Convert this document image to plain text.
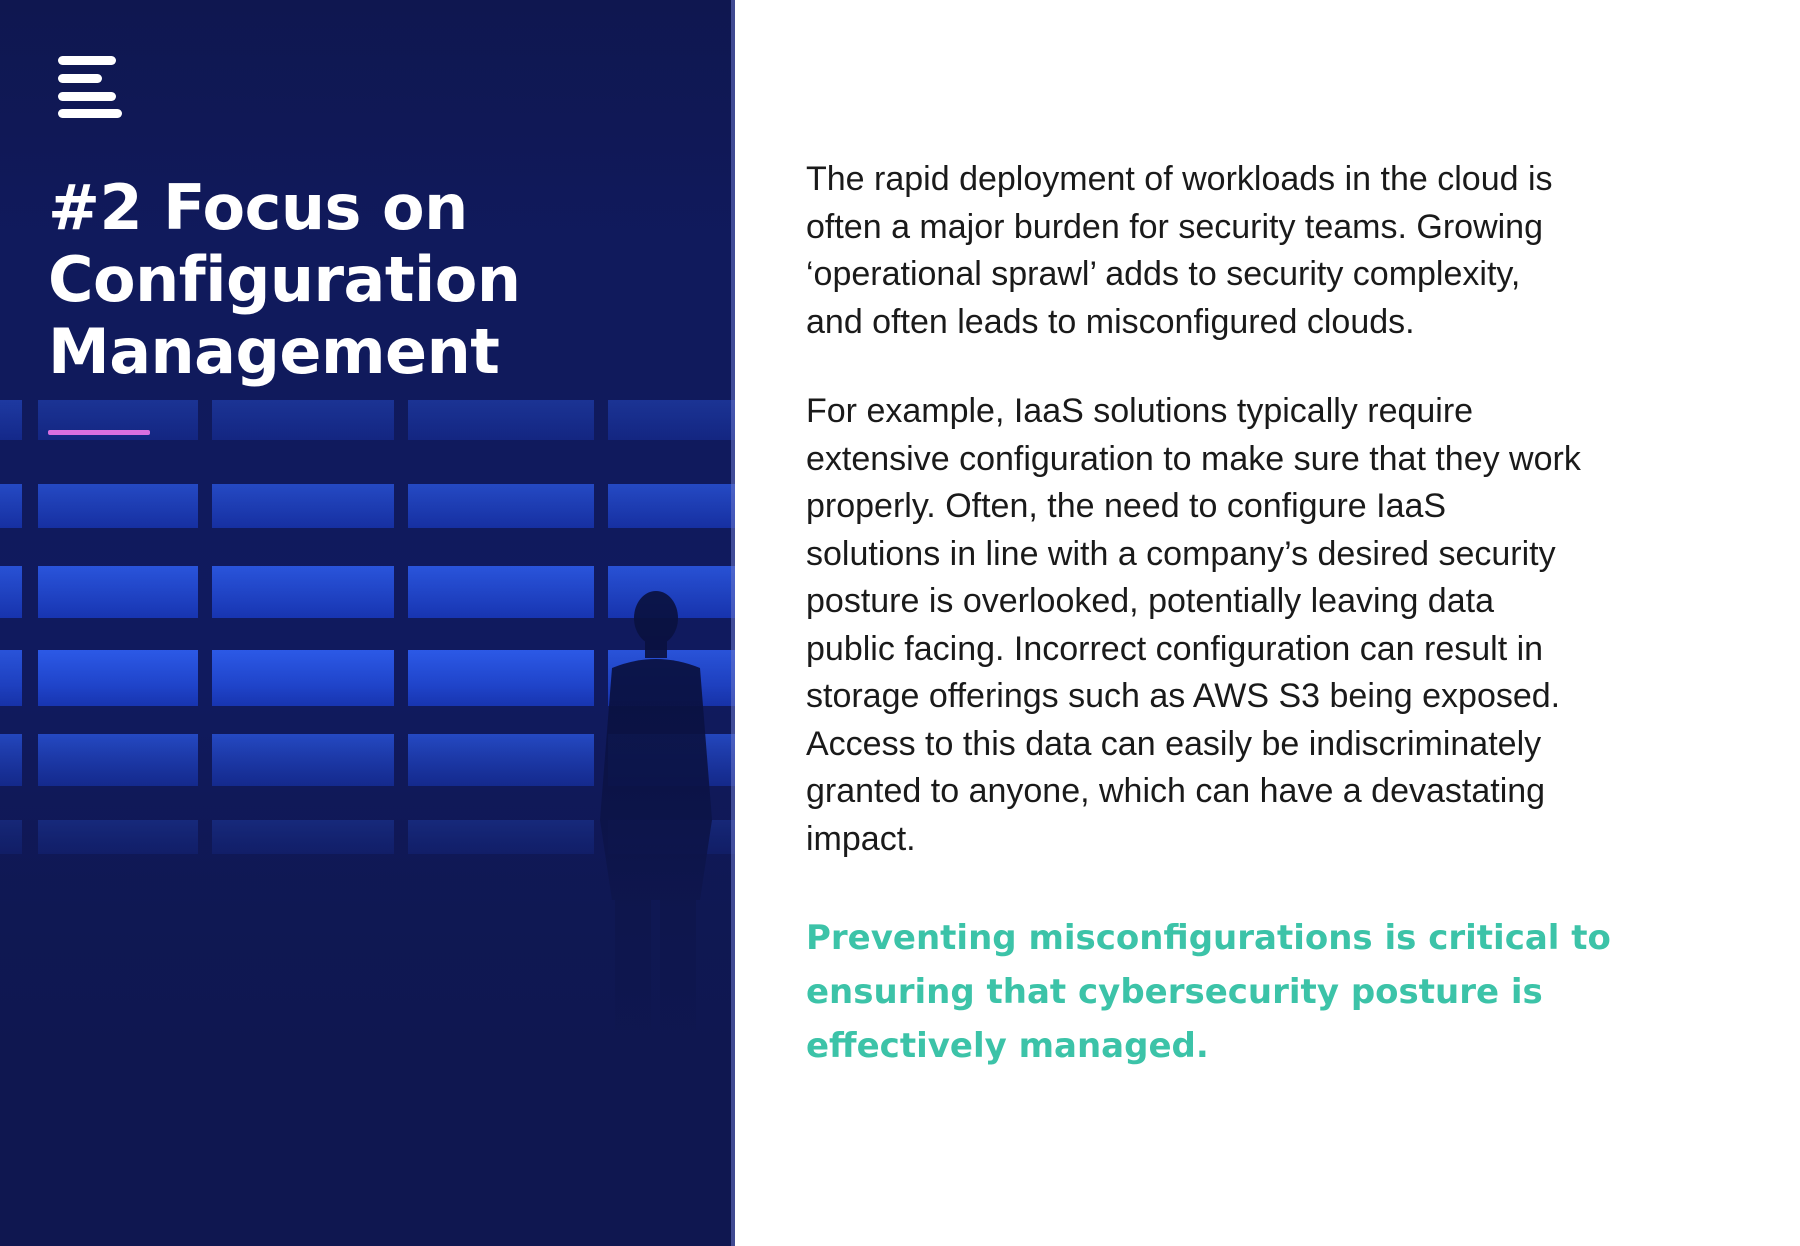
#2 Focus on
Configuration
Management
The rapid deployment of workloads in the cloud is
often a major burden for security teams. Growing
‘operational sprawl’ adds to security complexity,
and often leads to misconfigured clouds.
For example, IaaS solutions typically require
extensive configuration to make sure that they work
properly. Often, the need to configure IaaS
solutions in line with a company’s desired security
posture is overlooked, potentially leaving data
public facing. Incorrect configuration can result in
storage offerings such as AWS S3 being exposed.
Access to this data can easily be indiscriminately
granted to anyone, which can have a devastating
impact.
Preventing misconfigurations is critical to
ensuring that cybersecurity posture is
effectively managed.
